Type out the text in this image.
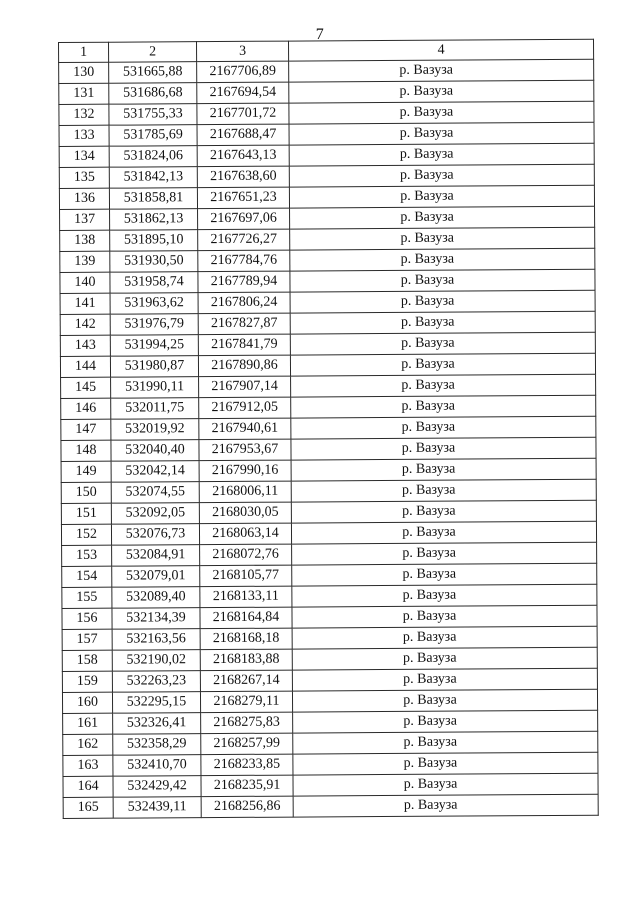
7
1	2	3	4
130	531665,88	2167706,89	р. Вазуза
131	531686,68	2167694,54	р. Вазуза
132	531755,33	2167701,72	р. Вазуза
133	531785,69	2167688,47	р. Вазуза
134	531824,06	2167643,13	р. Вазуза
135	531842,13	2167638,60	р. Вазуза
136	531858,81	2167651,23	р. Вазуза
137	531862,13	2167697,06	р. Вазуза
138	531895,10	2167726,27	р. Вазуза
139	531930,50	2167784,76	р. Вазуза
140	531958,74	2167789,94	р. Вазуза
141	531963,62	2167806,24	р. Вазуза
142	531976,79	2167827,87	р. Вазуза
143	531994,25	2167841,79	р. Вазуза
144	531980,87	2167890,86	р. Вазуза
145	531990,11	2167907,14	р. Вазуза
146	532011,75	2167912,05	р. Вазуза
147	532019,92	2167940,61	р. Вазуза
148	532040,40	2167953,67	р. Вазуза
149	532042,14	2167990,16	р. Вазуза
150	532074,55	2168006,11	р. Вазуза
151	532092,05	2168030,05	р. Вазуза
152	532076,73	2168063,14	р. Вазуза
153	532084,91	2168072,76	р. Вазуза
154	532079,01	2168105,77	р. Вазуза
155	532089,40	2168133,11	р. Вазуза
156	532134,39	2168164,84	р. Вазуза
157	532163,56	2168168,18	р. Вазуза
158	532190,02	2168183,88	р. Вазуза
159	532263,23	2168267,14	р. Вазуза
160	532295,15	2168279,11	р. Вазуза
161	532326,41	2168275,83	р. Вазуза
162	532358,29	2168257,99	р. Вазуза
163	532410,70	2168233,85	р. Вазуза
164	532429,42	2168235,91	р. Вазуза
165	532439,11	2168256,86	р. Вазуза
